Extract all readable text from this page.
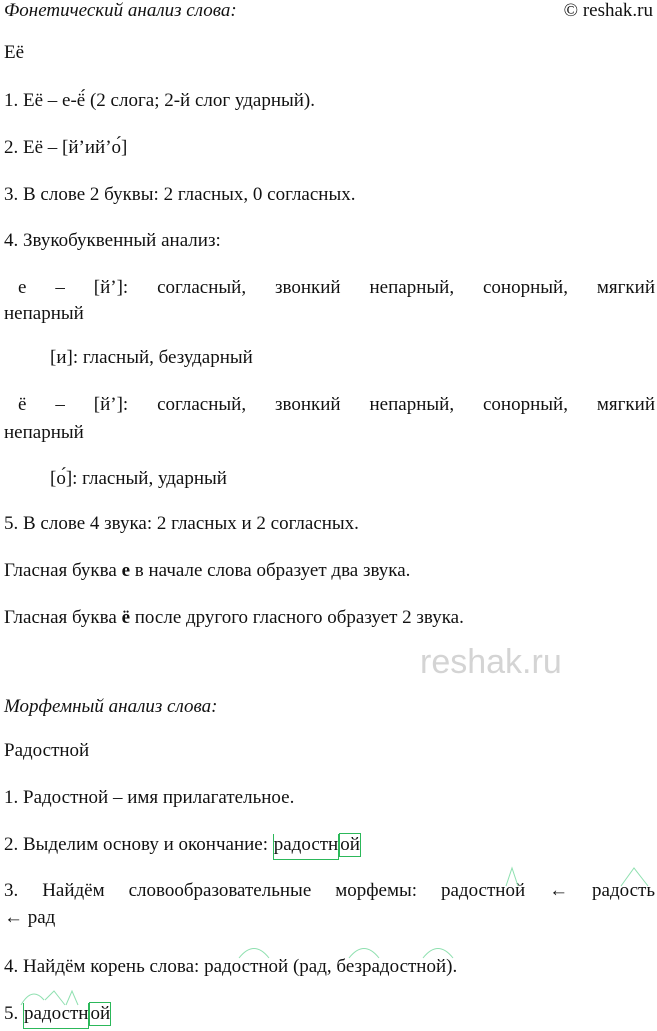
reshak.ru
Фонетический анализ слова:	© reshak.ru
Её
1. Её – е-ё́ (2 слога; 2-й слог ударный).
2. Её – [й’ий’о́]
3. В слове 2 буквы: 2 гласных, 0 согласных.
4. Звукобуквенный анализ:
е – [й’]: согласный, звонкий непарный, сонорный, мягкий
непарный
[и]: гласный, безударный
ё – [й’]: согласный, звонкий непарный, сонорный, мягкий
непарный
[о́]: гласный, ударный
5. В слове 4 звука: 2 гласных и 2 согласных.
Гласная буква е в начале слова образует два звука.
Гласная буква ё после другого гласного образует 2 звука.
Морфемный анализ слова:
Радостной
1. Радостной – имя прилагательное.
2. Выделим основу и окончание: радостн ой
3. Найдём словообразовательные морфемы: радостной ← радость
← рад
4. Найдём корень слова: радостной (рад, безрадостной).
5. радостн ой
